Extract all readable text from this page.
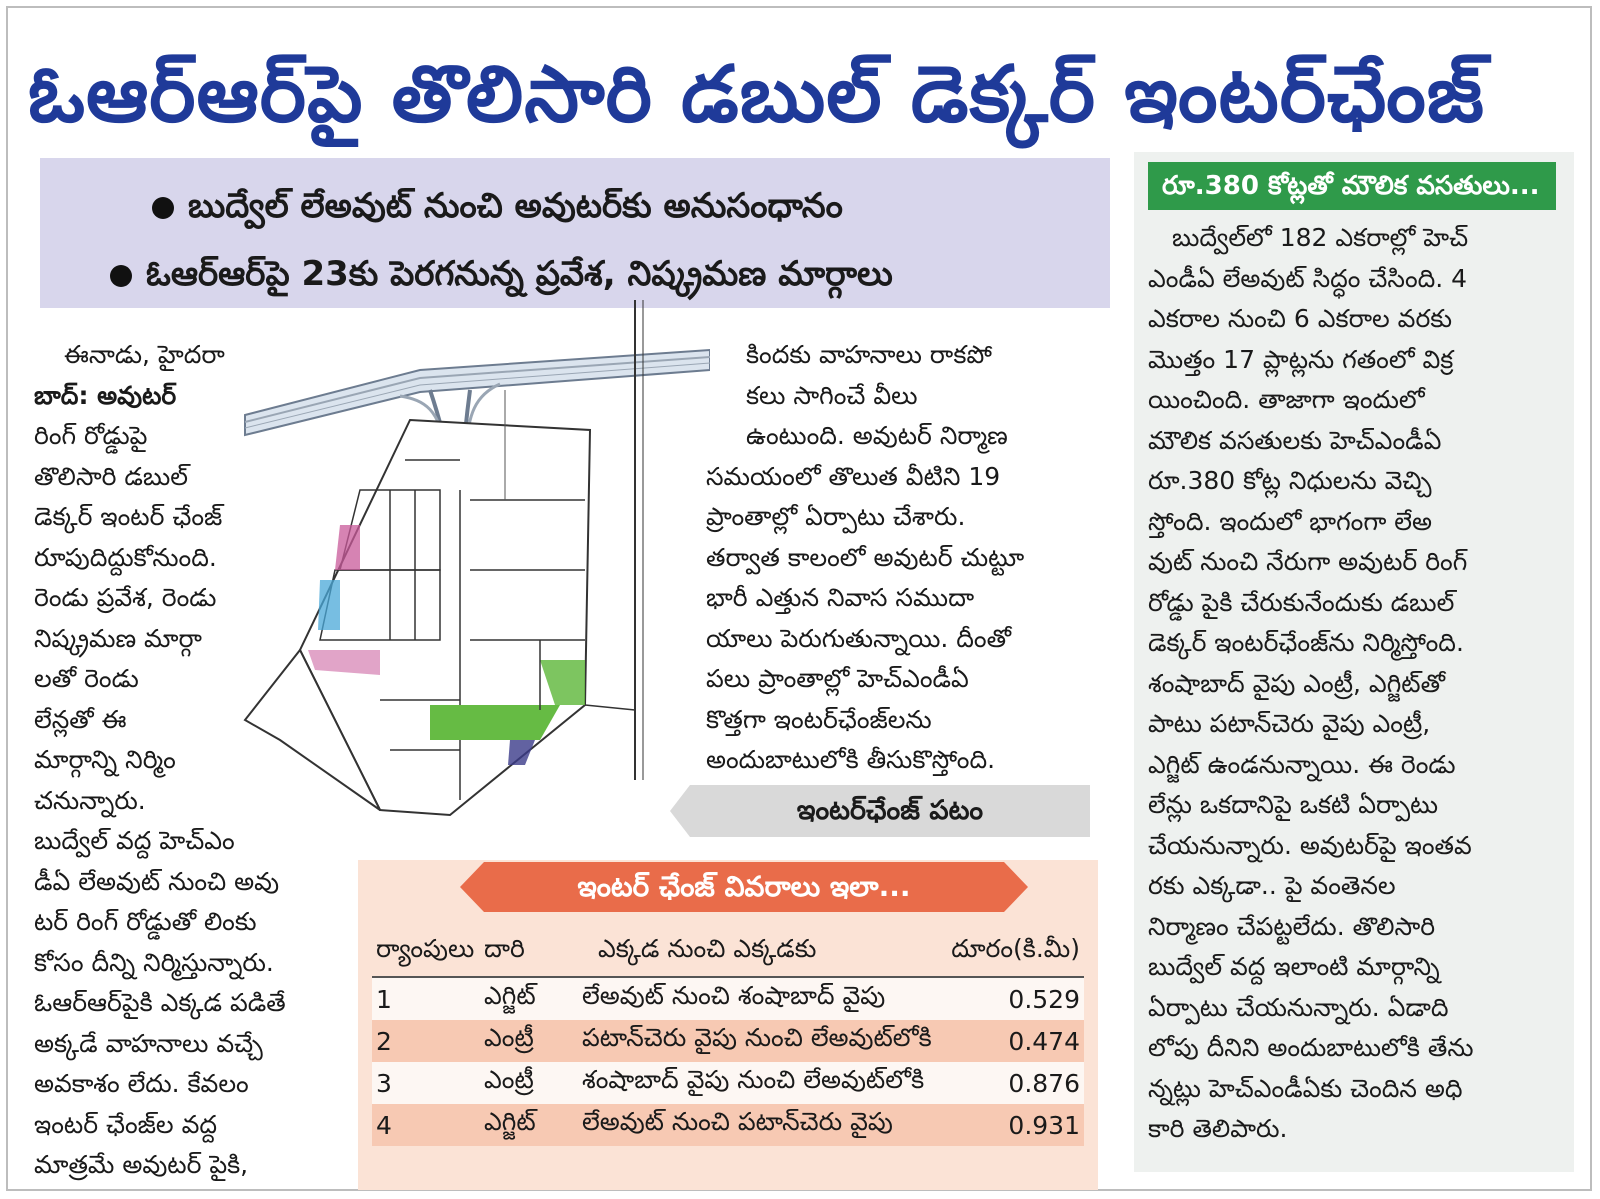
ఓఆర్‌ఆర్‌పై తొలిసారి డబుల్ డెక్కర్ ఇంటర్‌ఛేంజ్
బుద్వేల్ లేఅవుట్ నుంచి అవుటర్‌కు అనుసంధానం
ఓఆర్‌ఆర్‌పై 23కు పెరగనున్న ప్రవేశ, నిష్క్రమణ మార్గాలు

ఈనాడు, హైదరా

బాద్: అవుటర్

రింగ్ రోడ్డుపై

తొలిసారి డబుల్

డెక్కర్ ఇంటర్ ఛేంజ్

రూపుదిద్దుకోనుంది.

రెండు ప్రవేశ, రెండు

నిష్క్రమణ మార్గా

లతో రెండు

లేన్లతో ఈ

మార్గాన్ని నిర్మిం

చనున్నారు.

బుద్వేల్ వద్ద హెచ్ఎం

డీఏ లేఅవుట్ నుంచి అవు

టర్ రింగ్ రోడ్డుతో లింకు

కోసం దీన్ని నిర్మిస్తున్నారు.

ఓఆర్‌ఆర్‌పైకి ఎక్కడ పడితే

అక్కడే వాహనాలు వచ్చే

అవకాశం లేదు. కేవలం

ఇంటర్ ఛేంజ్‌ల వద్ద

మాత్రమే అవుటర్ పైకి,

కిందకు వాహనాలు రాకపో

కలు సాగించే వీలు

ఉంటుంది. అవుటర్ నిర్మాణ

సమయంలో తొలుత వీటిని 19

ప్రాంతాల్లో ఏర్పాటు చేశారు.

తర్వాత కాలంలో అవుటర్ చుట్టూ

భారీ ఎత్తున నివాస సముదా

యాలు పెరుగుతున్నాయి. దీంతో

పలు ప్రాంతాల్లో హెచ్ఎండీఏ

కొత్తగా ఇంటర్‌ఛేంజ్‌లను

అందుబాటులోకి తీసుకొస్తోంది.

ఇంటర్‌ఛేంజ్ పటం
రూ.380 కోట్లతో మౌలిక వసతులు...

బుద్వేల్‌లో 182 ఎకరాల్లో హెచ్

ఎండీఏ లేఅవుట్ సిద్ధం చేసింది. 4

ఎకరాల నుంచి 6 ఎకరాల వరకు

మొత్తం 17 ప్లాట్లను గతంలో విక్ర

యించింది. తాజాగా ఇందులో

మౌలిక వసతులకు హెచ్ఎండీఏ

రూ.380 కోట్ల నిధులను వెచ్చి

స్తోంది. ఇందులో భాగంగా లేఅ

వుట్ నుంచి నేరుగా అవుటర్ రింగ్

రోడ్డు పైకి చేరుకునేందుకు డబుల్

డెక్కర్ ఇంటర్‌ఛేంజ్‌ను నిర్మిస్తోంది.

శంషాబాద్ వైపు ఎంట్రీ, ఎగ్జిట్‌తో

పాటు పటాన్‌చెరు వైపు ఎంట్రీ,

ఎగ్జిట్ ఉండనున్నాయి. ఈ రెండు

లేన్లు ఒకదానిపై ఒకటి ఏర్పాటు

చేయనున్నారు. అవుటర్‌పై ఇంతవ

రకు ఎక్కడా.. పై వంతెనల

నిర్మాణం చేపట్టలేదు. తొలిసారి

బుద్వేల్ వద్ద ఇలాంటి మార్గాన్ని

ఏర్పాటు చేయనున్నారు. ఏడాది

లోపు దీనిని అందుబాటులోకి తేను

న్నట్లు హెచ్ఎండీఏకు చెందిన అధి

కారి తెలిపారు.

ఇంటర్ ఛేంజ్ వివరాలు ఇలా...
ర్యాంపులు	దారి	ఎక్కడ నుంచి ఎక్కడకు	దూరం(కి.మీ)
1	ఎగ్జిట్	లేఅవుట్ నుంచి శంషాబాద్ వైపు	0.529
2	ఎంట్రీ	పటాన్‌చెరు వైపు నుంచి లేఅవుట్‌లోకి	0.474
3	ఎంట్రీ	శంషాబాద్ వైపు నుంచి లేఅవుట్‌లోకి	0.876
4	ఎగ్జిట్	లేఅవుట్ నుంచి పటాన్‌చెరు వైపు	0.931
